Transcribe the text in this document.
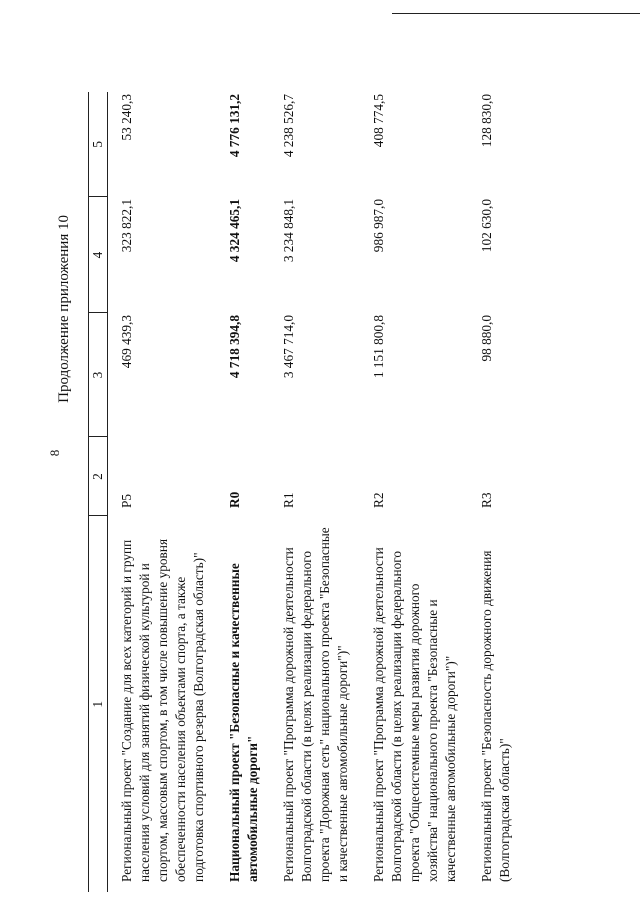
8
Продолжение приложения 10
1	2	3	4	5
Региональный проект "Создание для всех категорий и групп населения условий для занятий физической культурой и спортом, массовым спортом, в том числе повышение уровня обеспеченности населения объектами спорта, а также подготовка спортивного резерва (Волгоградская область)"	P5	469 439,3	323 822,1	53 240,3
Национальный проект "Безопасные и качественные автомобильные дороги"	R0	4 718 394,8	4 324 465,1	4 776 131,2
Региональный проект "Программа дорожной деятельности Волгоградской области (в целях реализации федерального проекта "Дорожная сеть" национального проекта "Безопасные и качественные автомобильные дороги")"	R1	3 467 714,0	3 234 848,1	4 238 526,7
Региональный проект "Программа дорожной деятельности Волгоградской области (в целях реализации федерального проекта "Общесистемные меры развития дорожного хозяйства" национального проекта "Безопасные и качественные автомобильные дороги")"	R2	1 151 800,8	986 987,0	408 774,5
Региональный проект "Безопасность дорожного движения (Волгоградская область)"	R3	98 880,0	102 630,0	128 830,0
